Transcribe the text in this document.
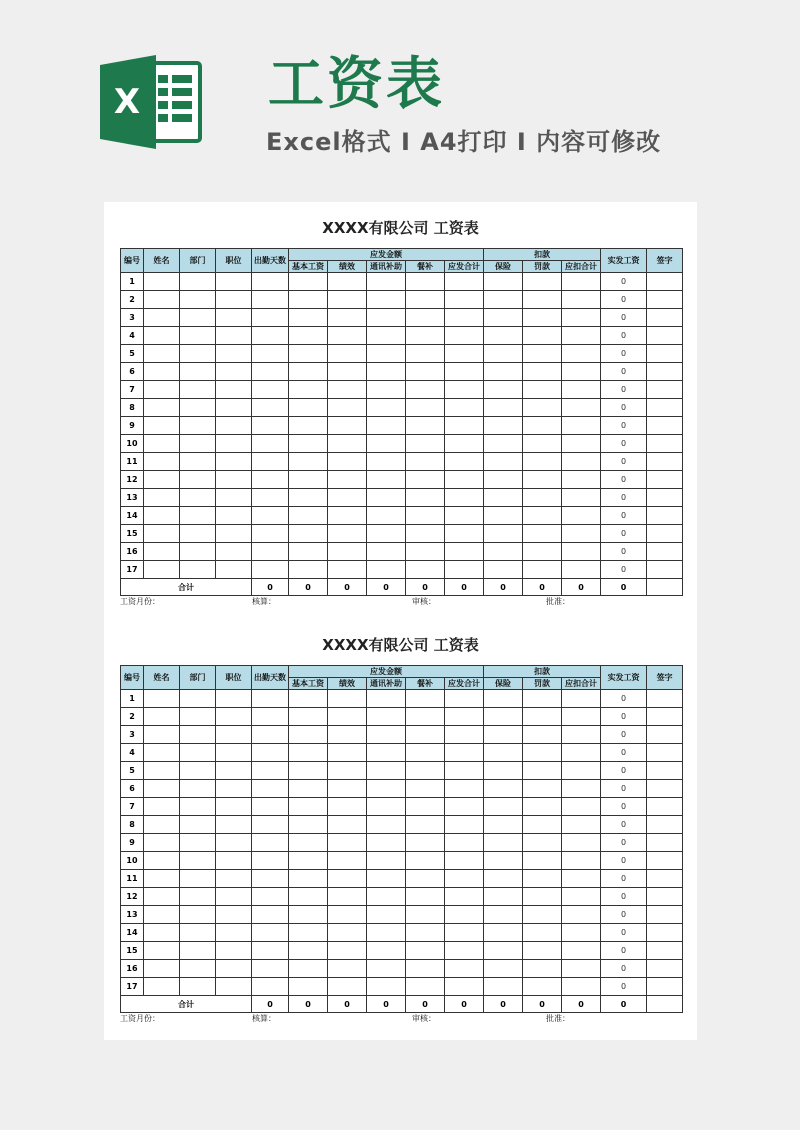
X 工资表
Excel格式 I A4打印 I 内容可修改
XXXX有限公司 工资表
编号	姓名	部门	职位	出勤天数	应发金额					扣款			实发工资	签字
					基本工资	绩效	通讯补助	餐补	应发合计	保险	罚款	应扣合计		
1													0	
2													0	
3													0	
4													0	
5													0	
6													0	
7													0	
8													0	
9													0	
10													0	
11													0	
12													0	
13													0	
14													0	
15													0	
16													0	
17													0	
合计				0	0	0	0	0	0	0	0	0	0	
工资月份：	核算：	审核：	批准：
XXXX有限公司 工资表
编号	姓名	部门	职位	出勤天数	应发金额					扣款			实发工资	签字
					基本工资	绩效	通讯补助	餐补	应发合计	保险	罚款	应扣合计		
1													0	
2													0	
3													0	
4													0	
5													0	
6													0	
7													0	
8													0	
9													0	
10													0	
11													0	
12													0	
13													0	
14													0	
15													0	
16													0	
17													0	
合计				0	0	0	0	0	0	0	0	0	0	
工资月份：	核算：	审核：	批准：
